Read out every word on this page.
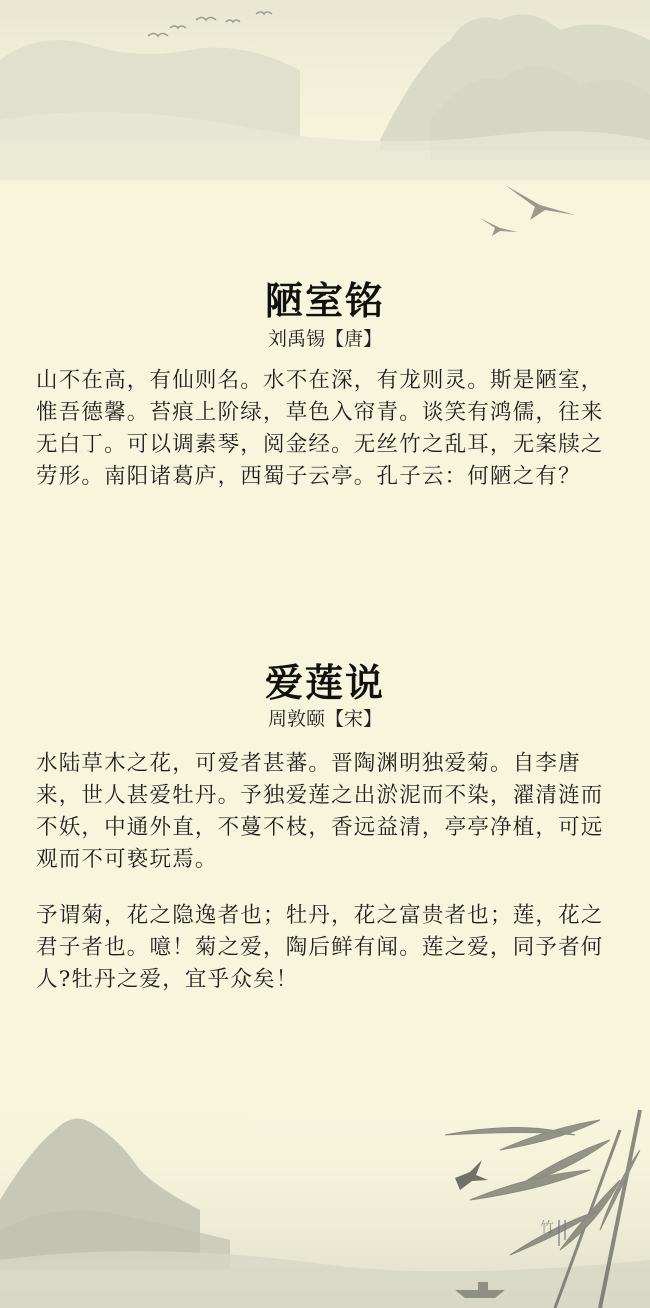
竹
陋室铭
刘禹锡【唐】

山不在高，有仙则名。水不在深，有龙则灵。斯是陋室，惟吾德馨。苔痕上阶绿，草色入帘青。谈笑有鸿儒，往来无白丁。可以调素琴，阅金经。无丝竹之乱耳，无案牍之劳形。南阳诸葛庐，西蜀子云亭。孔子云：何陋之有？

爱莲说
周敦颐【宋】

水陆草木之花，可爱者甚蕃。晋陶渊明独爱菊。自李唐来，世人甚爱牡丹。予独爱莲之出淤泥而不染，濯清涟而不妖，中通外直，不蔓不枝，香远益清，亭亭净植，可远观而不可亵玩焉。

予谓菊，花之隐逸者也；牡丹，花之富贵者也；莲，花之君子者也。噫！菊之爱，陶后鲜有闻。莲之爱，同予者何人?牡丹之爱，宜乎众矣！
